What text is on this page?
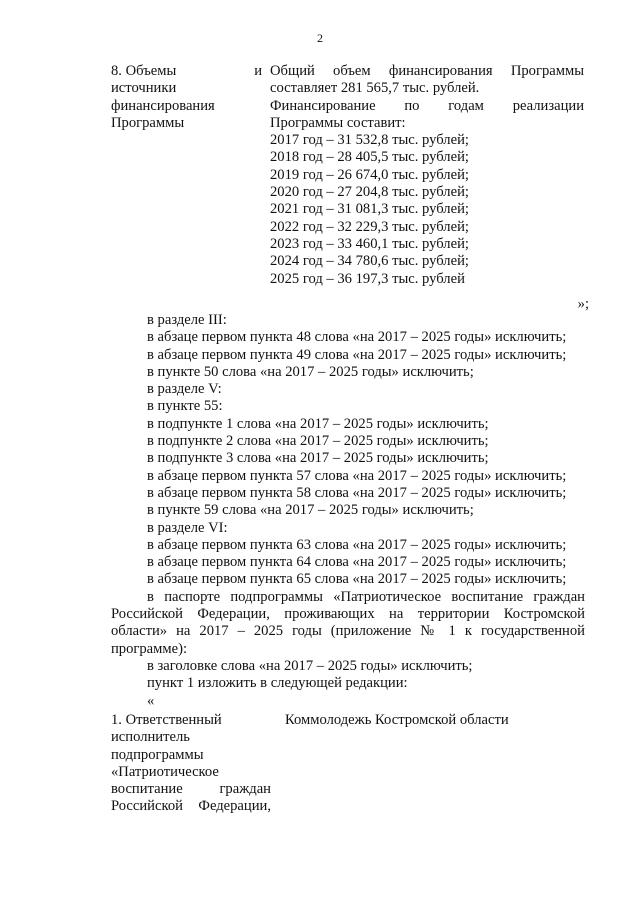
2
8. Объемы	и
источники
финансирования
Программы
Общий объем финансирования Программы
составляет 281 565,7 тыс. рублей.
Финансирование по годам реализации
Программы составит:
2017 год – 31 532,8 тыс. рублей;
2018 год – 28 405,5 тыс. рублей;
2019 год – 26 674,0 тыс. рублей;
2020 год – 27 204,8 тыс. рублей;
2021 год – 31 081,3 тыс. рублей;
2022 год – 32 229,3 тыс. рублей;
2023 год – 33 460,1 тыс. рублей;
2024 год – 34 780,6 тыс. рублей;
2025 год – 36 197,3 тыс. рублей
»;
в разделе III:
в абзаце первом пункта 48 слова «на 2017 – 2025 годы» исключить;
в абзаце первом пункта 49 слова «на 2017 – 2025 годы» исключить;
в пункте 50 слова «на 2017 – 2025 годы» исключить;
в разделе V:
в пункте 55:
в подпункте 1 слова «на 2017 – 2025 годы» исключить;
в подпункте 2 слова «на 2017 – 2025 годы» исключить;
в подпункте 3 слова «на 2017 – 2025 годы» исключить;
в абзаце первом пункта 57 слова «на 2017 – 2025 годы» исключить;
в абзаце первом пункта 58 слова «на 2017 – 2025 годы» исключить;
в пункте 59 слова «на 2017 – 2025 годы» исключить;
в разделе VI:
в абзаце первом пункта 63 слова «на 2017 – 2025 годы» исключить;
в абзаце первом пункта 64 слова «на 2017 – 2025 годы» исключить;
в абзаце первом пункта 65 слова «на 2017 – 2025 годы» исключить;
в паспорте подпрограммы «Патриотическое воспитание граждан
Российской Федерации, проживающих на территории Костромской
области» на 2017 – 2025 годы (приложение № 1 к государственной
программе):
в заголовке слова «на 2017 – 2025 годы» исключить;
пункт 1 изложить в следующей редакции:
«
1. Ответственный
исполнитель
подпрограммы
«Патриотическое
воспитание	граждан
Российской Федерации,
Коммолодежь Костромской области
